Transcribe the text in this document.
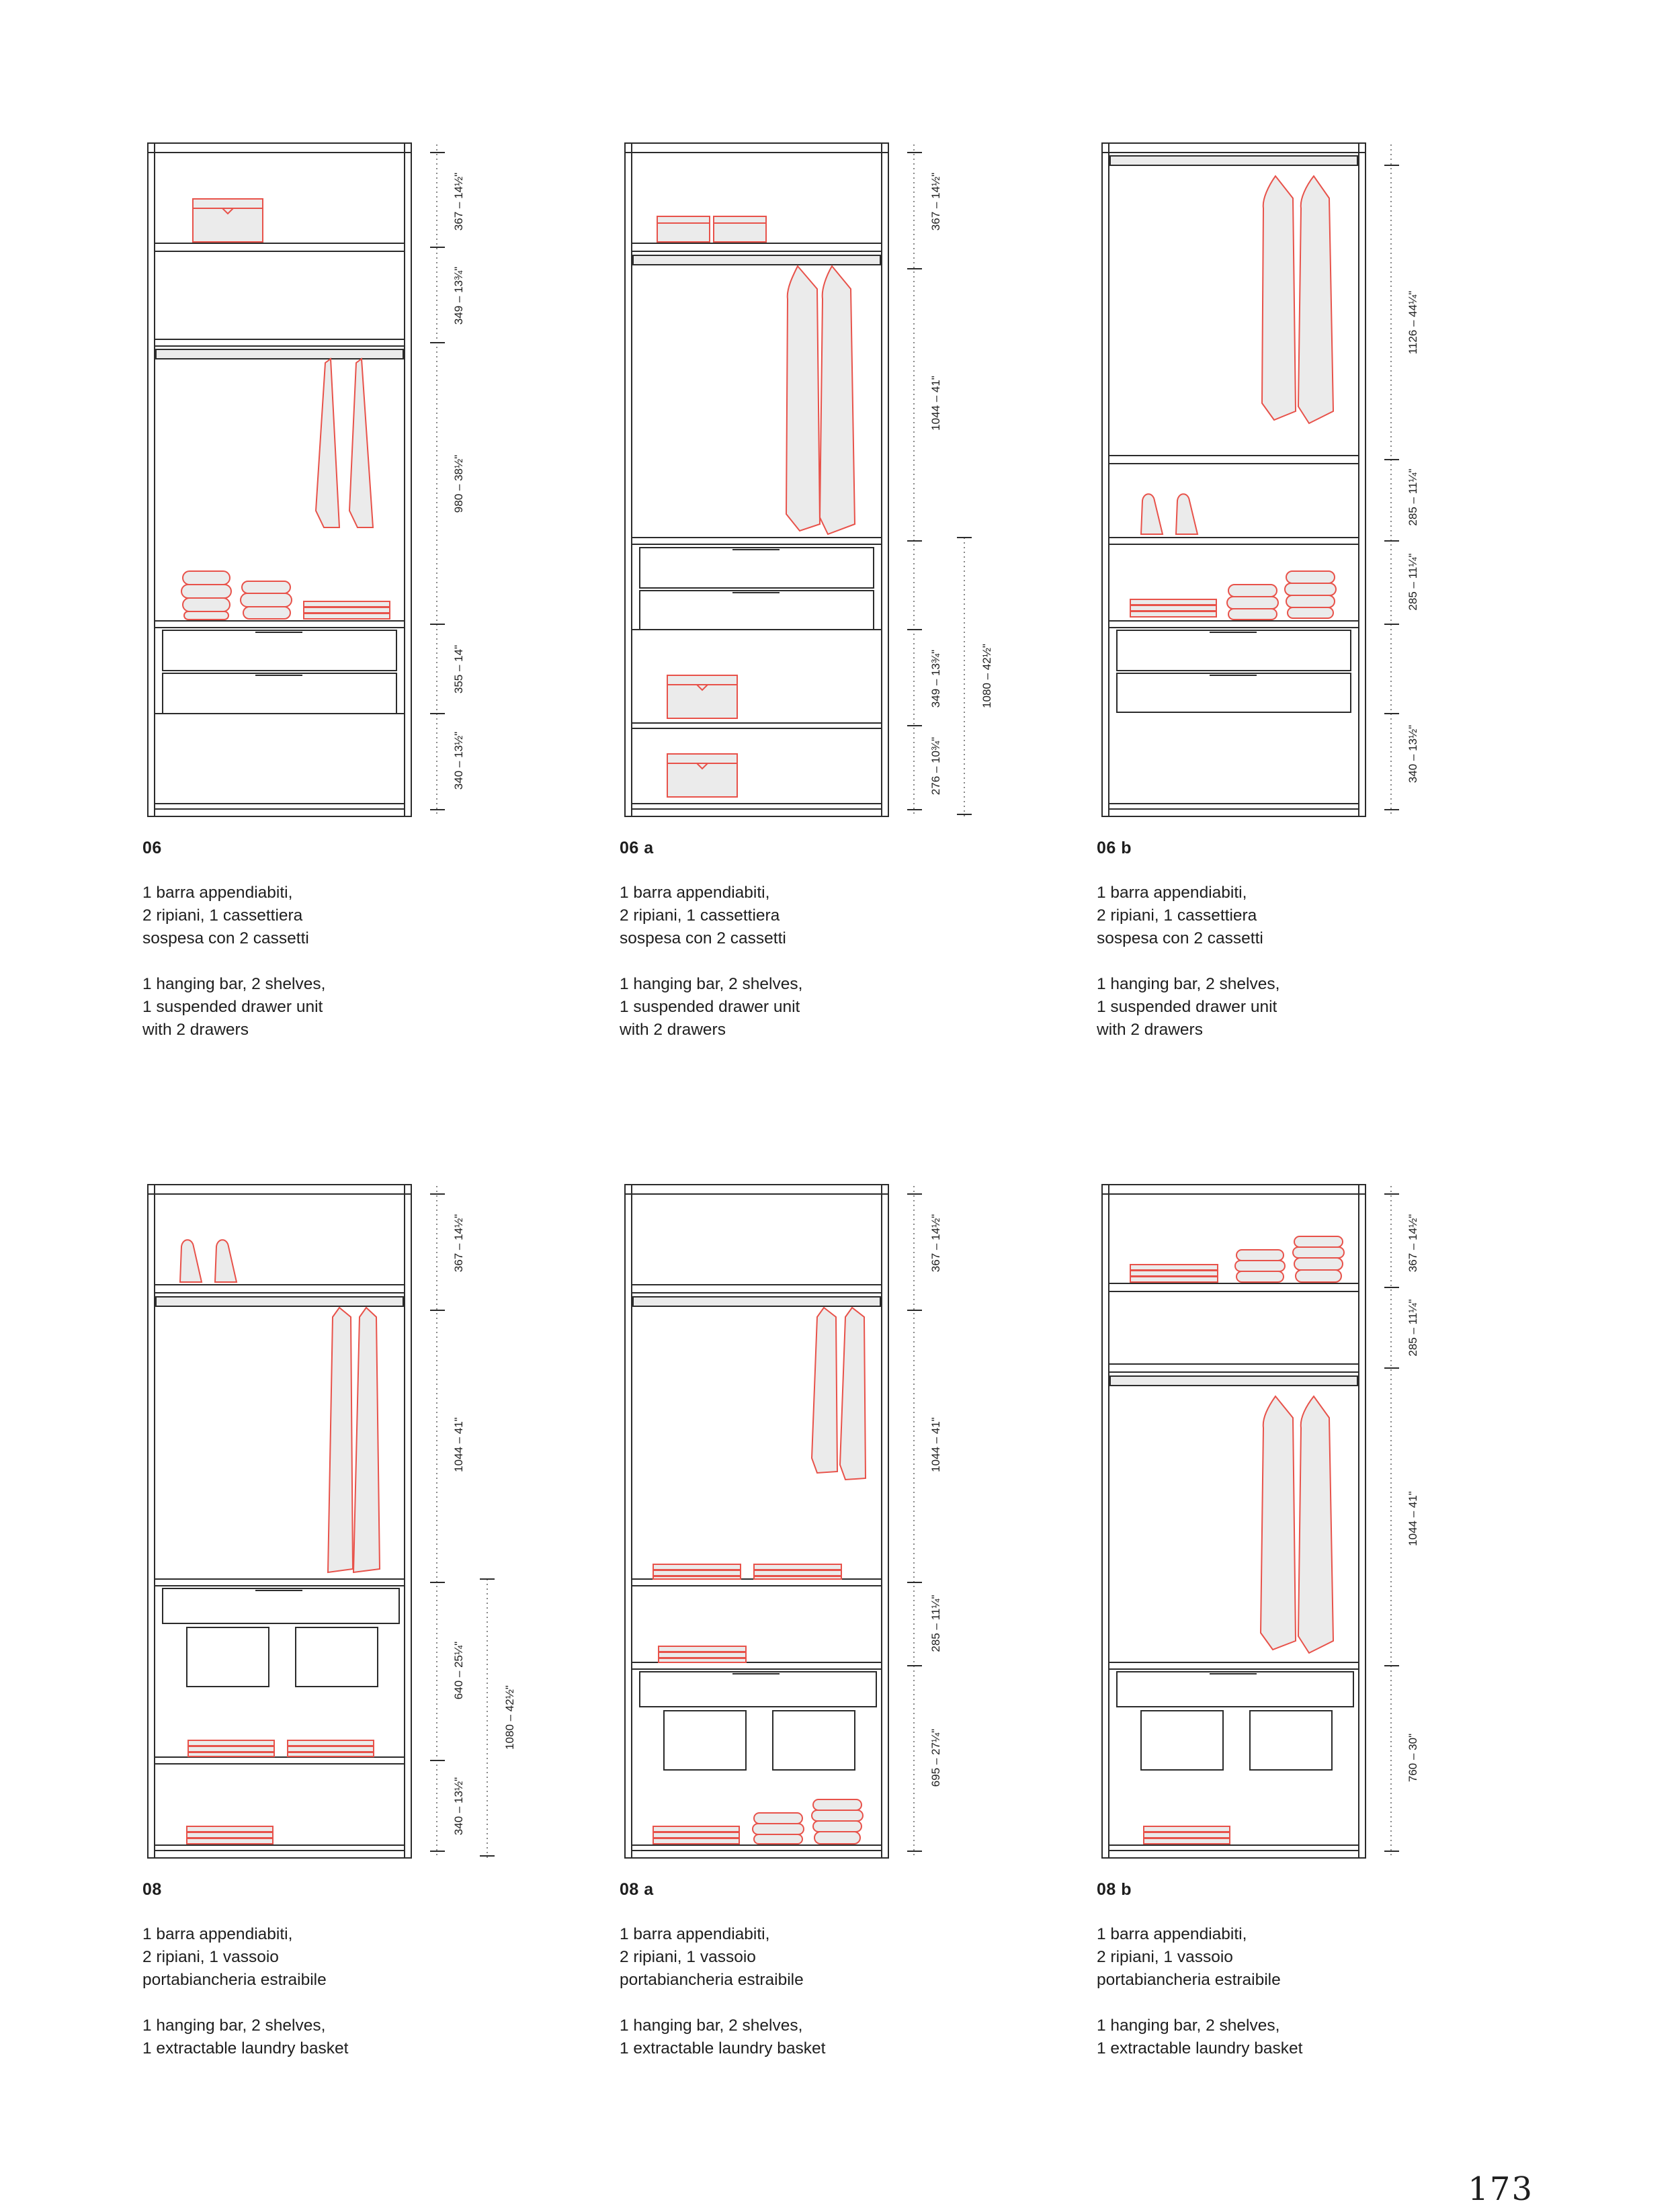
367 – 14½"
349 – 13¾"
980 – 38½"
355 – 14"
340 – 13½"
06
1 barra appendiabiti,
2 ripiani, 1 cassettiera
sospesa con 2 cassetti
1 hanging bar, 2 shelves,
1 suspended drawer unit
with 2 drawers
367 – 14½"
1044 – 41"
349 – 13¾"
276 – 10¾"
1080 – 42½"
06 a
1 barra appendiabiti,
2 ripiani, 1 cassettiera
sospesa con 2 cassetti
1 hanging bar, 2 shelves,
1 suspended drawer unit
with 2 drawers
1126 – 44¼"
285 – 11¼"
285 – 11¼"
340 – 13½"
06 b
1 barra appendiabiti,
2 ripiani, 1 cassettiera
sospesa con 2 cassetti
1 hanging bar, 2 shelves,
1 suspended drawer unit
with 2 drawers
367 – 14½"
1044 – 41"
640 – 25¼"
340 – 13½"
1080 – 42½"
08
1 barra appendiabiti,
2 ripiani, 1 vassoio
portabiancheria estraibile
1 hanging bar, 2 shelves,
1 extractable laundry basket
367 – 14½"
1044 – 41"
285 – 11¼"
695 – 27¼"
08 a
1 barra appendiabiti,
2 ripiani, 1 vassoio
portabiancheria estraibile
1 hanging bar, 2 shelves,
1 extractable laundry basket
367 – 14½"
285 – 11¼"
1044 – 41"
760 – 30"
08 b
1 barra appendiabiti,
2 ripiani, 1 vassoio
portabiancheria estraibile
1 hanging bar, 2 shelves,
1 extractable laundry basket
173
